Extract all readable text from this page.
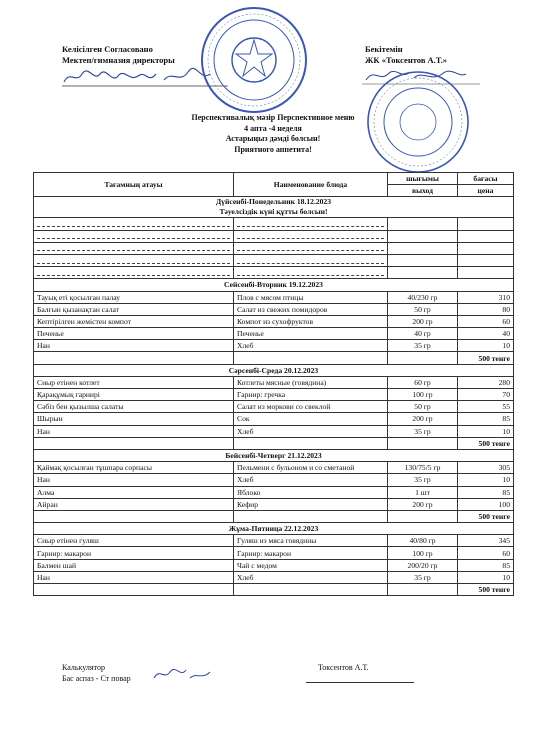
Келісілген Согласовано
Мектеп/гимназия директоры
Бекітемін
ЖК «Токсентов А.Т.»
Перспективалық мәзір Перспективное меню
4 апта -4 неделя
Астарыңыз дәмді болсын!
Приятного аппетита!
Тағамның атауы	Наименование блюда	шығымы	бағасы
		выход	цена

Дүйсенбі-Понедельник 18.12.2023
Тәуелсіздік күні құтты болсын!			

Сейсенбі-Вторник 19.12.2023			
Тауық еті қосылған палау	Плов с мясом птицы	40/230 гр	310
Балғын қызанақтан салат	Салат из свежих помидоров	50 гр	80
Кептірілген жемістен компот	Компот из сухофруктов	200 гр	60
Печенье	Печенье	40 гр	40
Нан	Хлеб	35 гр	10
			500 тенге
Сәрсенбі-Среда 20.12.2023			
Сиыр етінен котлет	Котлеты мясные (говядина)	60 гр	280
Қарақұмық гарнирі	Гарнир: гречка	100 гр	70
Сәбіз бен қызылша салаты	Салат из моркови со свеклой	50 гр	55
Шырын	Сок	200 гр	85
Нан	Хлеб	35 гр	10
			500 тенге
Бейсенбі-Четверг 21.12.2023			
Қаймақ қосылған тұшпара сорпасы	Пельмени с бульоном и со сметаной	130/75/5 гр	305
Нан	Хлеб	35 гр	10
Алма	Яблоко	1 шт	85
Айран	Кефир	200 гр	100
			500 тенге
Жұма-Пятница 22.12.2023			
Сиыр етінен гуляш	Гуляш из мяса говядины	40/80 гр	345
Гарнир: макарон	Гарнир: макарон	100 гр	60
Балмен шай	Чай с медом	200/20 гр	85
Нан	Хлеб	35 гр	10
			500 тенге
Калькулятор
Бас аспаз - Ст повар
Токсентов А.Т.
